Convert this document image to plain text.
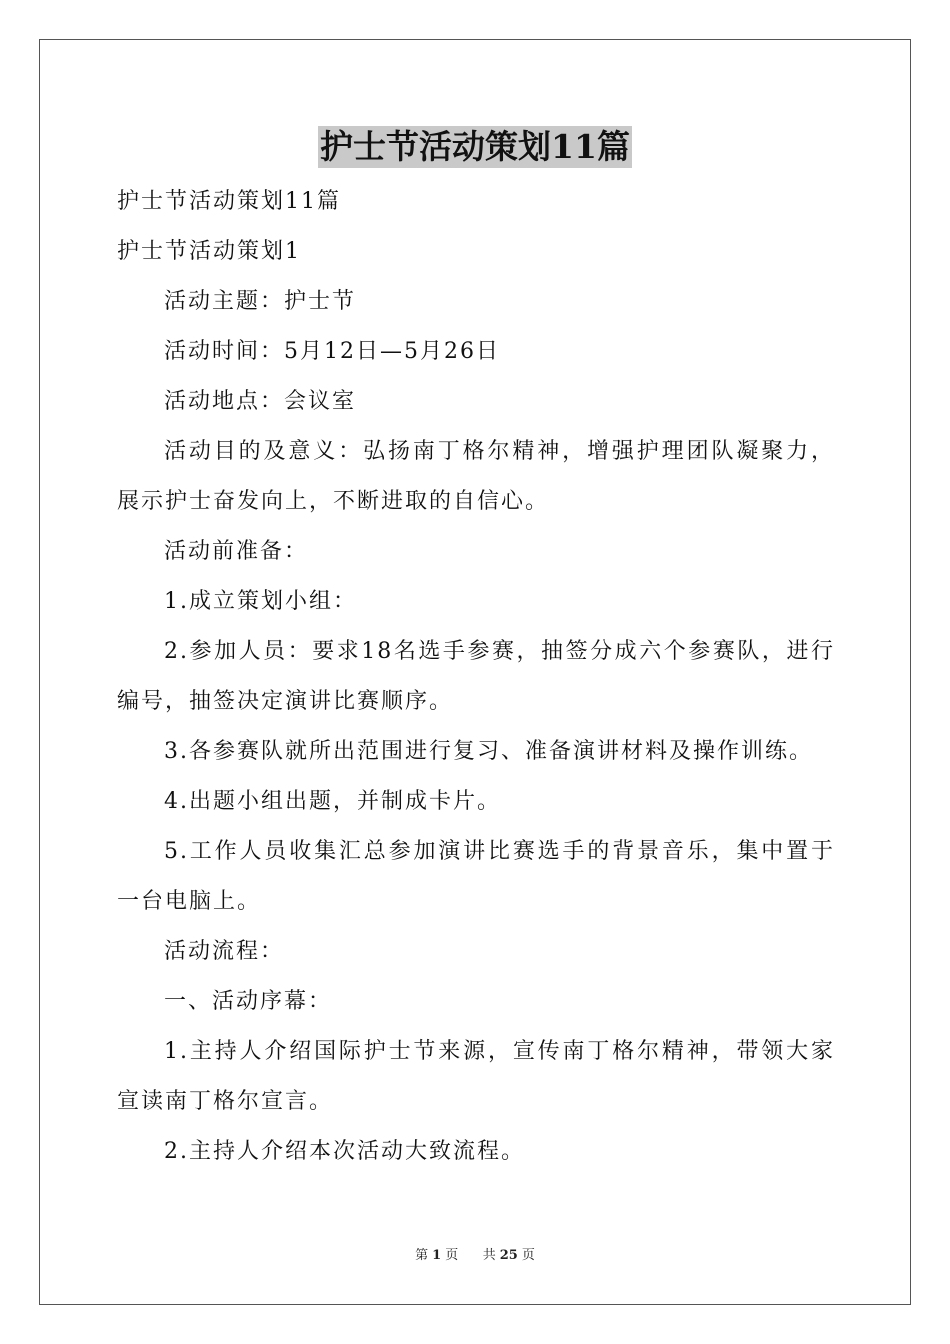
护士节活动策划11篇

护士节活动策划11篇

护士节活动策划1

活动主题：护士节

活动时间：5月12日—5月26日

活动地点：会议室

活动目的及意义：弘扬南丁格尔精神，增强护理团队凝聚力，展示护士奋发向上，不断进取的自信心。

活动前准备：

1.成立策划小组：

2.参加人员：要求18名选手参赛，抽签分成六个参赛队，进行编号，抽签决定演讲比赛顺序。

3.各参赛队就所出范围进行复习、准备演讲材料及操作训练。

4.出题小组出题，并制成卡片。

5.工作人员收集汇总参加演讲比赛选手的背景音乐，集中置于一台电脑上。

活动流程：

一、活动序幕：

1.主持人介绍国际护士节来源，宣传南丁格尔精神，带领大家宣读南丁格尔宣言。

2.主持人介绍本次活动大致流程。

第 1 页 共 25 页
